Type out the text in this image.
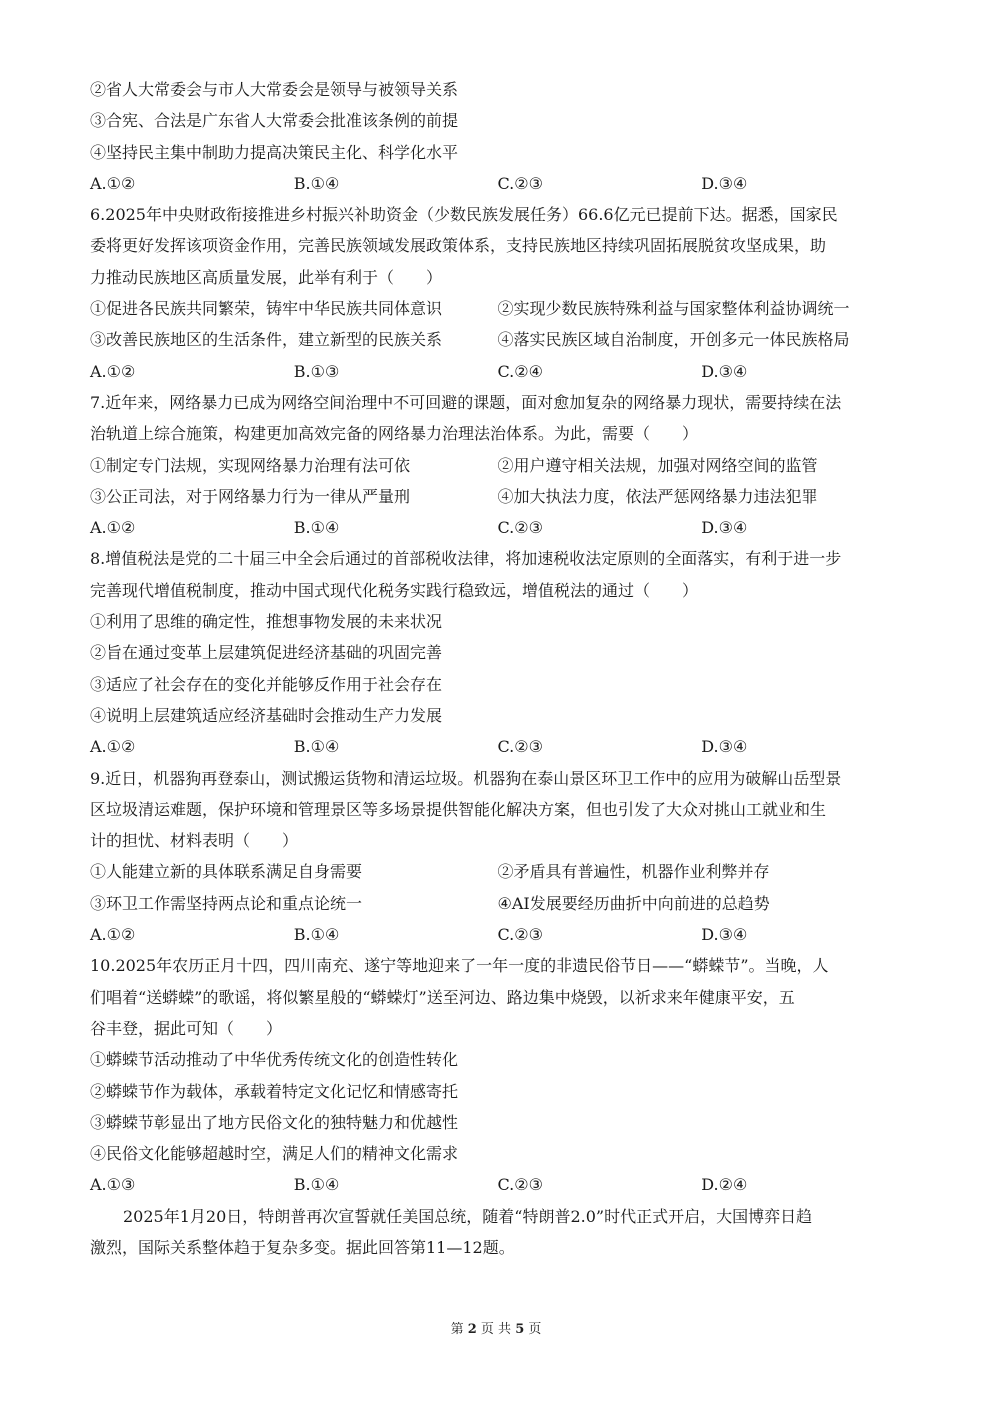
②省人大常委会与市人大常委会是领导与被领导关系
③合宪、合法是广东省人大常委会批准该条例的前提
④坚持民主集中制助力提高决策民主化、科学化水平
A.①②	B.①④	C.②③	D.③④
6.2025年中央财政衔接推进乡村振兴补助资金（少数民族发展任务）66.6亿元已提前下达。据悉，国家民
委将更好发挥该项资金作用，完善民族领域发展政策体系，支持民族地区持续巩固拓展脱贫攻坚成果，助
力推动民族地区高质量发展，此举有利于（　　）
①促进各民族共同繁荣，铸牢中华民族共同体意识	②实现少数民族特殊利益与国家整体利益协调统一
③改善民族地区的生活条件，建立新型的民族关系	④落实民族区域自治制度，开创多元一体民族格局
A.①②	B.①③	C.②④	D.③④
7.近年来，网络暴力已成为网络空间治理中不可回避的课题，面对愈加复杂的网络暴力现状，需要持续在法
治轨道上综合施策，构建更加高效完备的网络暴力治理法治体系。为此，需要（　　）
①制定专门法规，实现网络暴力治理有法可依	②用户遵守相关法规，加强对网络空间的监管
③公正司法，对于网络暴力行为一律从严量刑	④加大执法力度，依法严惩网络暴力违法犯罪
A.①②	B.①④	C.②③	D.③④
8.增值税法是党的二十届三中全会后通过的首部税收法律，将加速税收法定原则的全面落实，有利于进一步
完善现代增值税制度，推动中国式现代化税务实践行稳致远，增值税法的通过（　　）
①利用了思维的确定性，推想事物发展的未来状况
②旨在通过变革上层建筑促进经济基础的巩固完善
③适应了社会存在的变化并能够反作用于社会存在
④说明上层建筑适应经济基础时会推动生产力发展
A.①②	B.①④	C.②③	D.③④
9.近日，机器狗再登泰山，测试搬运货物和清运垃圾。机器狗在泰山景区环卫工作中的应用为破解山岳型景
区垃圾清运难题，保护环境和管理景区等多场景提供智能化解决方案，但也引发了大众对挑山工就业和生
计的担忧、材料表明（　　）
①人能建立新的具体联系满足自身需要	②矛盾具有普遍性，机器作业利弊并存
③环卫工作需坚持两点论和重点论统一	④AI发展要经历曲折中向前进的总趋势
A.①②	B.①④	C.②③	D.③④
10.2025年农历正月十四，四川南充、遂宁等地迎来了一年一度的非遗民俗节日——“蟒蝾节”。当晚，人
们唱着“送蟒蝾”的歌谣，将似繁星般的“蟒蝾灯”送至河边、路边集中烧毁，以祈求来年健康平安，五
谷丰登，据此可知（　　）
①蟒蝾节活动推动了中华优秀传统文化的创造性转化
②蟒蝾节作为载体，承载着特定文化记忆和情感寄托
③蟒蝾节彰显出了地方民俗文化的独特魅力和优越性
④民俗文化能够超越时空，满足人们的精神文化需求
A.①③	B.①④	C.②③	D.②④
2025年1月20日，特朗普再次宣誓就任美国总统，随着“特朗普2.0”时代正式开启，大国博弈日趋
激烈，国际关系整体趋于复杂多变。据此回答第11—12题。
第 2 页 共 5 页
